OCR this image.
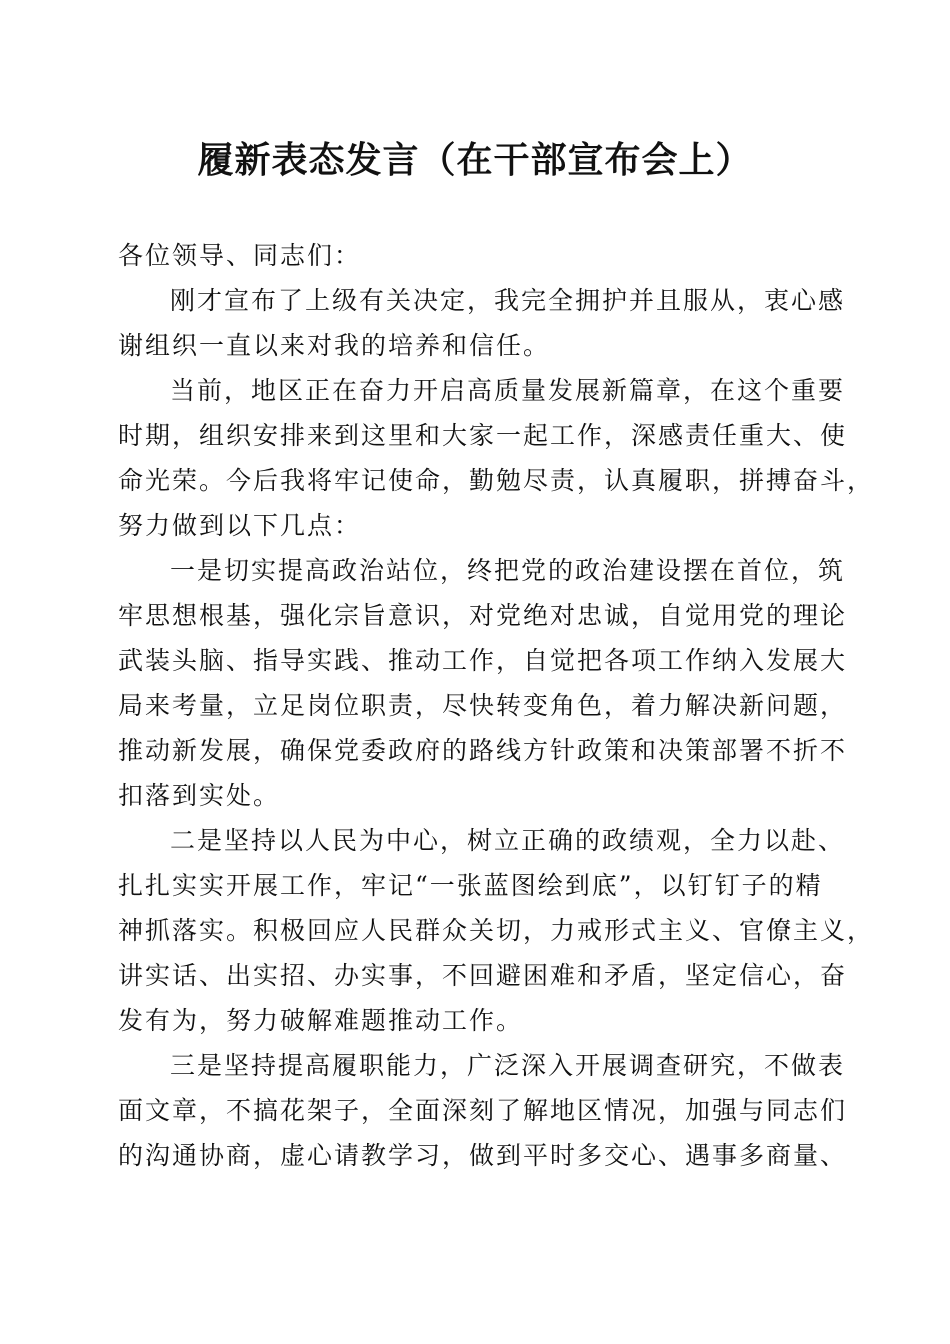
履新表态发言（在干部宣布会上）

各位领导、同志们：

刚才宣布了上级有关决定，我完全拥护并且服从，衷心感
谢组织一直以来对我的培养和信任。

当前，地区正在奋力开启高质量发展新篇章，在这个重要
时期，组织安排来到这里和大家一起工作，深感责任重大、使
命光荣。今后我将牢记使命，勤勉尽责，认真履职，拼搏奋斗，
努力做到以下几点：

一是切实提高政治站位，终把党的政治建设摆在首位，筑
牢思想根基，强化宗旨意识，对党绝对忠诚，自觉用党的理论
武装头脑、指导实践、推动工作，自觉把各项工作纳入发展大
局来考量，立足岗位职责，尽快转变角色，着力解决新问题，
推动新发展，确保党委政府的路线方针政策和决策部署不折不
扣落到实处。

二是坚持以人民为中心，树立正确的政绩观，全力以赴、
扎扎实实开展工作，牢记“一张蓝图绘到底”，以钉钉子的精
神抓落实。积极回应人民群众关切，力戒形式主义、官僚主义，
讲实话、出实招、办实事，不回避困难和矛盾，坚定信心，奋
发有为，努力破解难题推动工作。

三是坚持提高履职能力，广泛深入开展调查研究，不做表
面文章，不搞花架子，全面深刻了解地区情况，加强与同志们
的沟通协商，虚心请教学习，做到平时多交心、遇事多商量、
